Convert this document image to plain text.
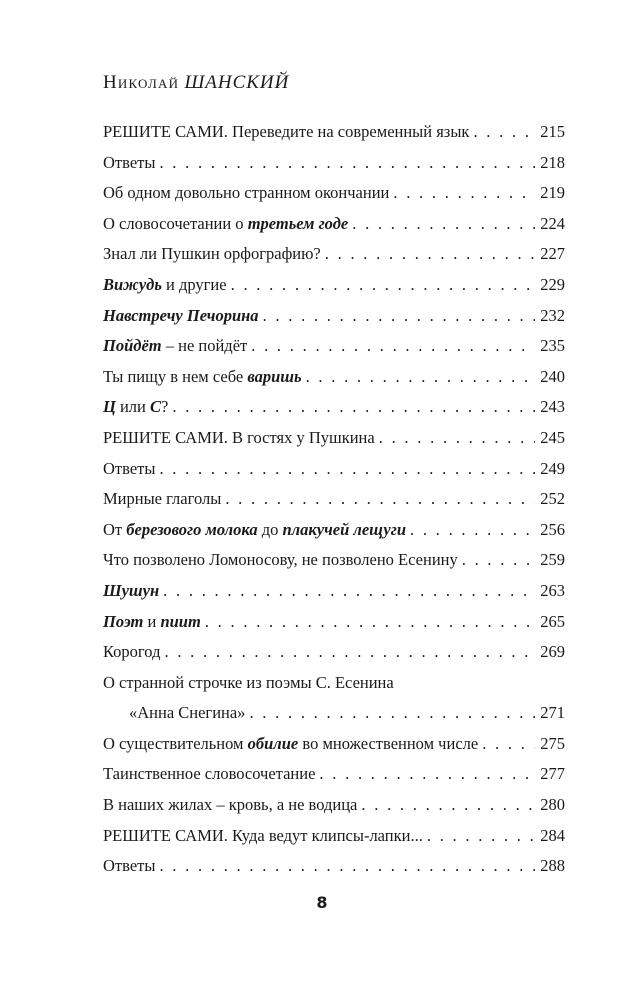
Николай ШАНСКИЙ
РЕШИТЕ САМИ. Переведите на современный язык . . .	215
Ответы . . .	218
Об одном довольно странном окончании . . .	219
О словосочетании о третьем годе . . .	224
Знал ли Пушкин орфографию? . . .	227
Вижудь и другие . . .	229
Навстречу Печорина . . .	232
Пойдёт – не пойдёт . . .	235
Ты пищу в нем себе варишь . . .	240
Ц или С? . . .	243
РЕШИТЕ САМИ. В гостях у Пушкина . . .	245
Ответы . . .	249
Мирные глаголы . . .	252
От березового молока до плакучей лещуги . . .	256
Что позволено Ломоносову, не позволено Есенину . . .	259
Шушун . . .	263
Поэт и пиит . . .	265
Корогод . . .	269
О странной строчке из поэмы С. Есенина
«Анна Снегина» . . .	271
О существительном обилие во множественном числе . . .	275
Таинственное словосочетание . . .	277
В наших жилах – кровь, а не водица . . .	280
РЕШИТЕ САМИ. Куда ведут клипсы-лапки... . . .	284
Ответы . . .	288
8
